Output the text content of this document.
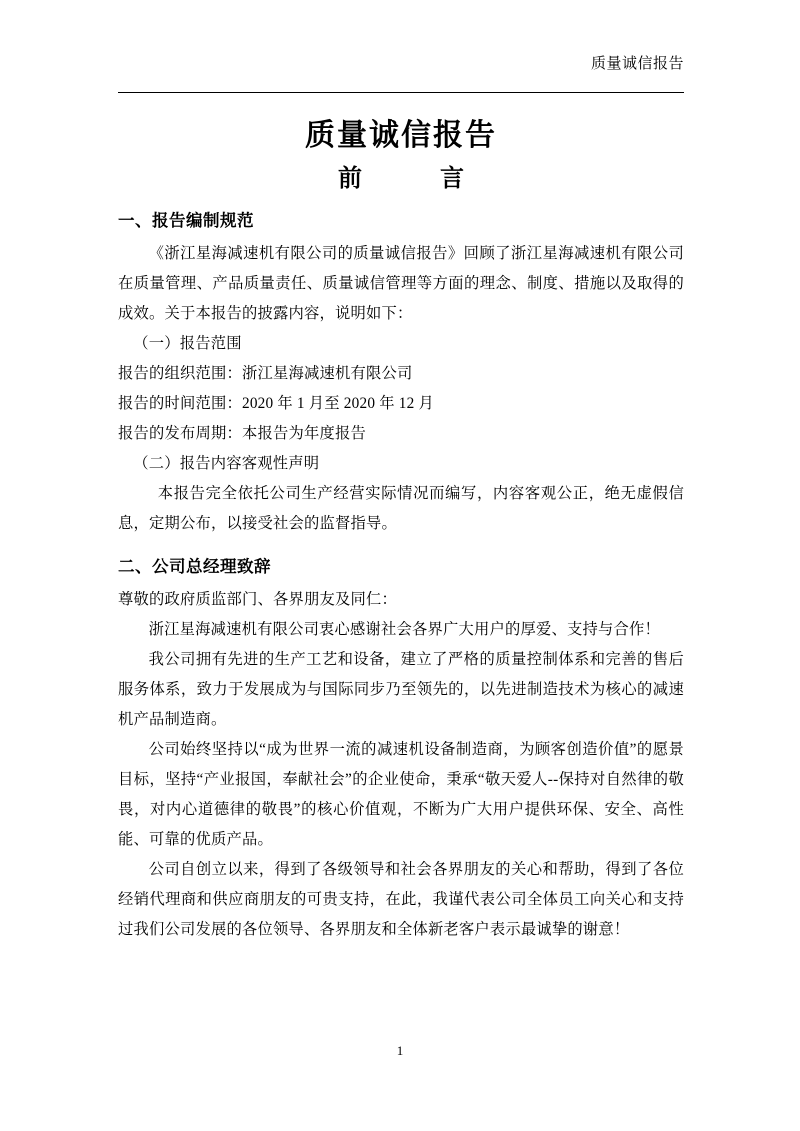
质量诚信报告
质量诚信报告
前　　言
一、报告编制规范

《浙江星海减速机有限公司的质量诚信报告》回顾了浙江星海减速机有限公司在质量管理、产品质量责任、质量诚信管理等方面的理念、制度、措施以及取得的成效。关于本报告的披露内容，说明如下：

（一）报告范围

报告的组织范围：浙江星海减速机有限公司

报告的时间范围：2020 年 1 月至 2020 年 12 月

报告的发布周期：本报告为年度报告

（二）报告内容客观性声明

本报告完全依托公司生产经营实际情况而编写，内容客观公正，绝无虚假信息，定期公布，以接受社会的监督指导。

二、公司总经理致辞

尊敬的政府质监部门、各界朋友及同仁：

浙江星海减速机有限公司衷心感谢社会各界广大用户的厚爱、支持与合作！

我公司拥有先进的生产工艺和设备，建立了严格的质量控制体系和完善的售后服务体系，致力于发展成为与国际同步乃至领先的，以先进制造技术为核心的减速机产品制造商。

公司始终坚持以“成为世界一流的减速机设备制造商，为顾客创造价值”的愿景目标，坚持“产业报国，奉献社会”的企业使命，秉承“敬天爱人--保持对自然律的敬畏，对内心道德律的敬畏”的核心价值观，不断为广大用户提供环保、安全、高性能、可靠的优质产品。

公司自创立以来，得到了各级领导和社会各界朋友的关心和帮助，得到了各位经销代理商和供应商朋友的可贵支持，在此，我谨代表公司全体员工向关心和支持过我们公司发展的各位领导、各界朋友和全体新老客户表示最诚挚的谢意！

1
